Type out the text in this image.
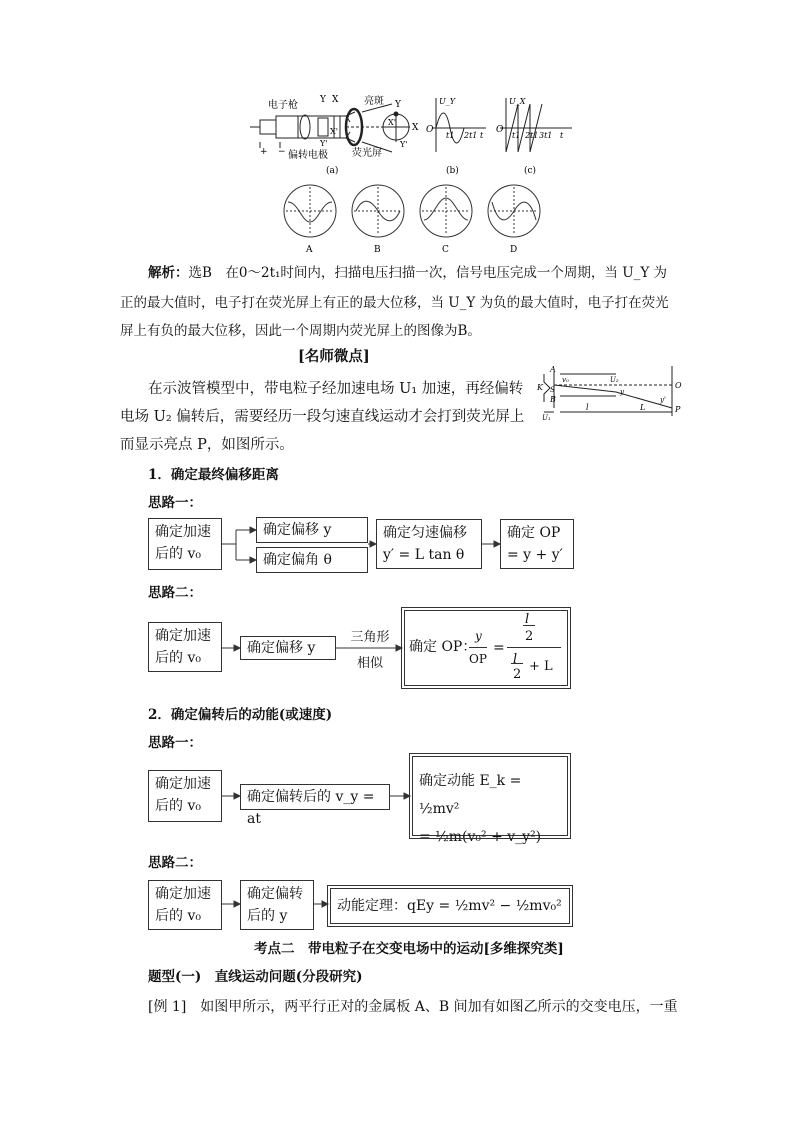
电子枪 Y X
X'
Y'
亮斑 Y
X
X'
Y'
+ − 偏转电极 荧光屏
(a)
U_Y
O
t1 2t1 t
(b)
U_X
O
t1 2t1 3t1 t
(c)
A	B	C	D
解析：选B　在0～2t₁时间内，扫描电压扫描一次，信号电压完成一个周期，当 U_Y 为
正的最大值时，电子打在荧光屏上有正的最大位移，当 U_Y 为负的最大值时，电子打在荧光
屏上有负的最大位移，因此一个周期内荧光屏上的图像为B。
[名师微点]
在示波管模型中，带电粒子经加速电场 U₁ 加速，再经偏转
电场 U₂ 偏转后，需要经历一段匀速直线运动才会打到荧光屏上
而显示亮点 P，如图所示。
A
B
K S	O
P
U₁
U₂
v₀
l	L
y
y'
1．确定最终偏移距离
思路一：
确定加速后的 v₀
确定偏移 y
确定偏角 θ
确定匀速偏移
y′ = L tan θ
确定 OP
= y + y′
思路二：
确定加速后的 v₀
确定偏移 y
三角形
相似
确定 OP：
y
OP
=
l
2
l
2
+ L
2．确定偏转后的动能(或速度)
思路一：
确定加速后的 v₀
确定偏转后的 v_y = at
确定动能 E_k = ½mv²
= ½m(v₀² + v_y²)
思路二：
确定加速后的 v₀
确定偏转后的 y
动能定理：qEy = ½mv² − ½mv₀²
考点二　带电粒子在交变电场中的运动[多维探究类]
题型(一)　直线运动问题(分段研究)
[例 1]　如图甲所示，两平行正对的金属板 A、B 间加有如图乙所示的交变电压，一重
